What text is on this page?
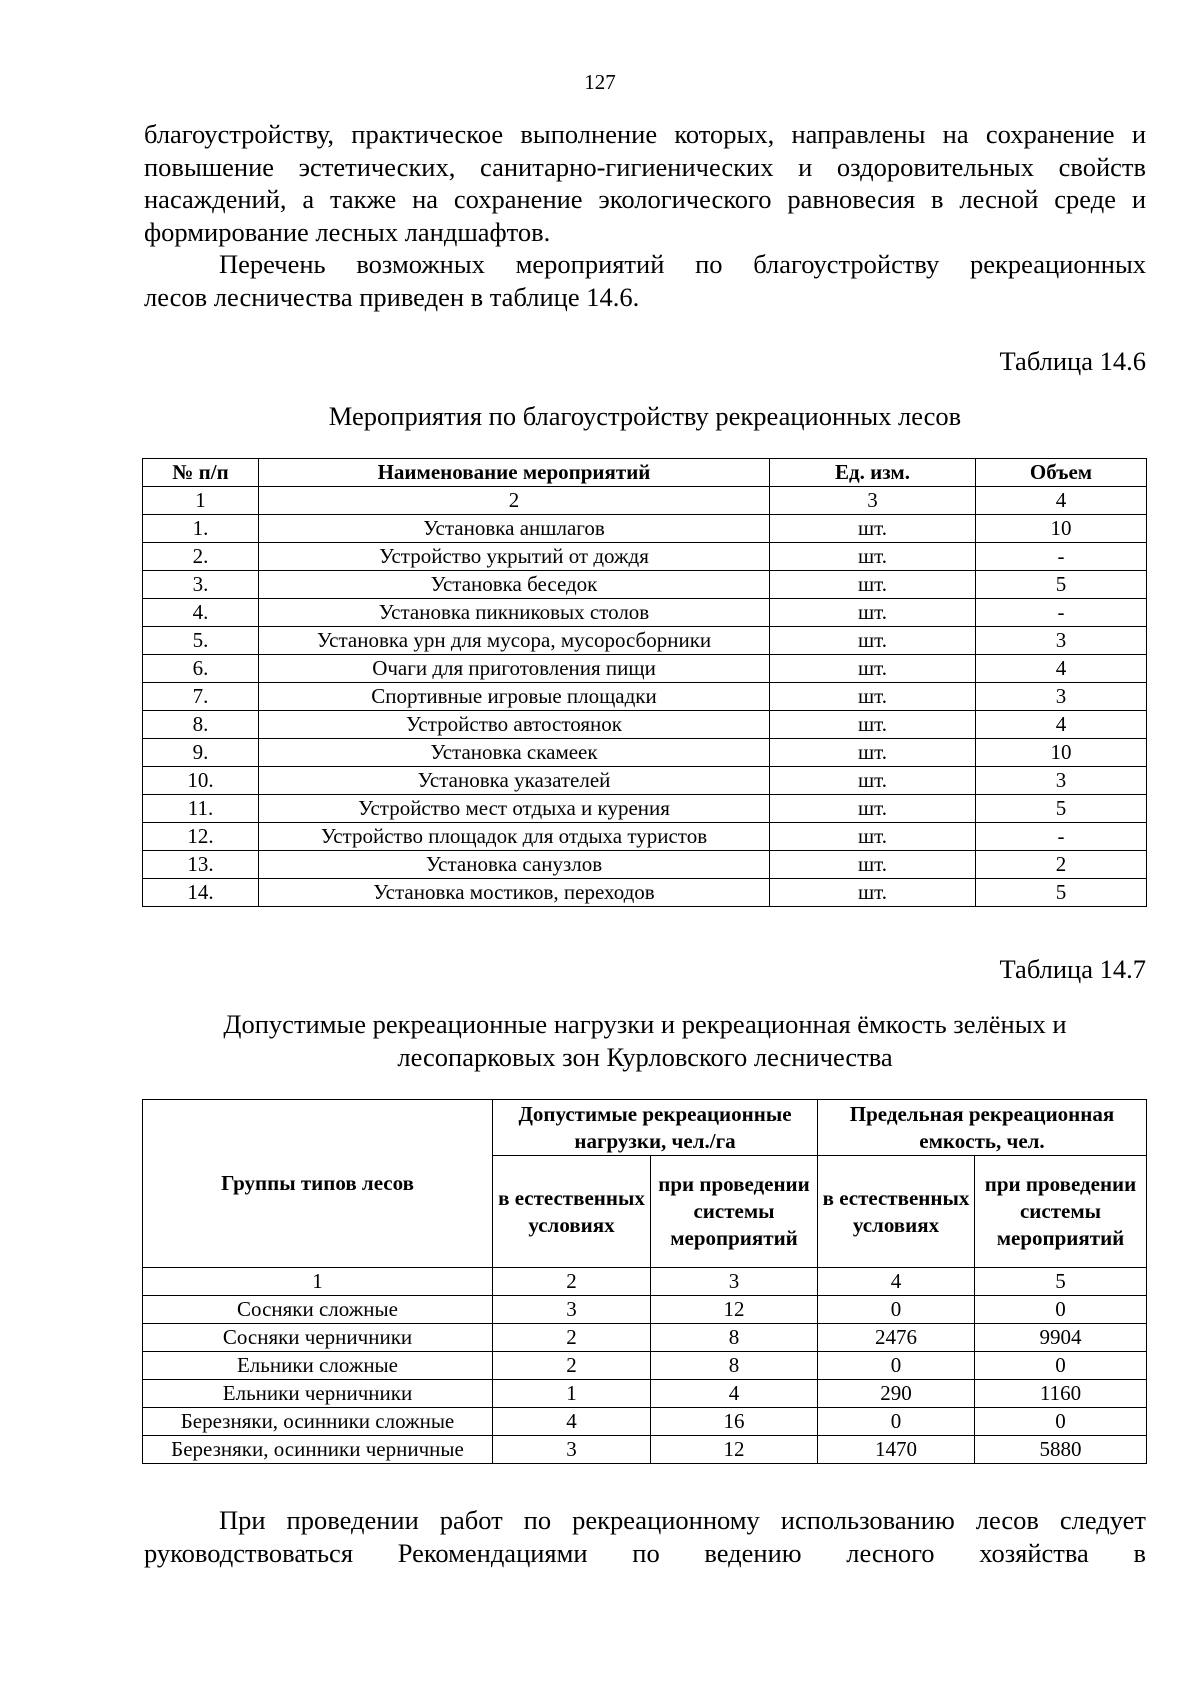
127

благоустройству, практическое выполнение которых, направлены на сохранение и
повышение эстетических, санитарно-гигиенических и оздоровительных свойств
насаждений, а также на сохранение экологического равновесия в лесной среде и
формирование лесных ландшафтов.

Перечень возможных мероприятий по благоустройству рекреационных
лесов лесничества приведен в таблице 14.6.

Таблица 14.6
Мероприятия по благоустройству рекреационных лесов
№ п/п	Наименование мероприятий	Ед. изм.	Объем
1	2	3	4
1.	Установка аншлагов	шт.	10
2.	Устройство укрытий от дождя	шт.	-
3.	Установка беседок	шт.	5
4.	Установка пикниковых столов	шт.	-
5.	Установка урн для мусора, мусоросборники	шт.	3
6.	Очаги для приготовления пищи	шт.	4
7.	Спортивные игровые площадки	шт.	3
8.	Устройство автостоянок	шт.	4
9.	Установка скамеек	шт.	10
10.	Установка указателей	шт.	3
11.	Устройство мест отдыха и курения	шт.	5
12.	Устройство площадок для отдыха туристов	шт.	-
13.	Установка санузлов	шт.	2
14.	Установка мостиков, переходов	шт.	5
Таблица 14.7
Допустимые рекреационные нагрузки и рекреационная ёмкость зелёных и
лесопарковых зон Курловского лесничества
Группы типов лесов	Допустимые рекреационные нагрузки, чел./га		Предельная рекреационная емкость, чел.	
	в естественных условиях	при проведении системы мероприятий	в естественных условиях	при проведении системы мероприятий
1	2	3	4	5
Сосняки сложные	3	12	0	0
Сосняки черничники	2	8	2476	9904
Ельники сложные	2	8	0	0
Ельники черничники	1	4	290	1160
Березняки, осинники сложные	4	16	0	0
Березняки, осинники черничные	3	12	1470	5880

При проведении работ по рекреационному использованию лесов следует
руководствоваться Рекомендациями по ведению лесного хозяйства в
